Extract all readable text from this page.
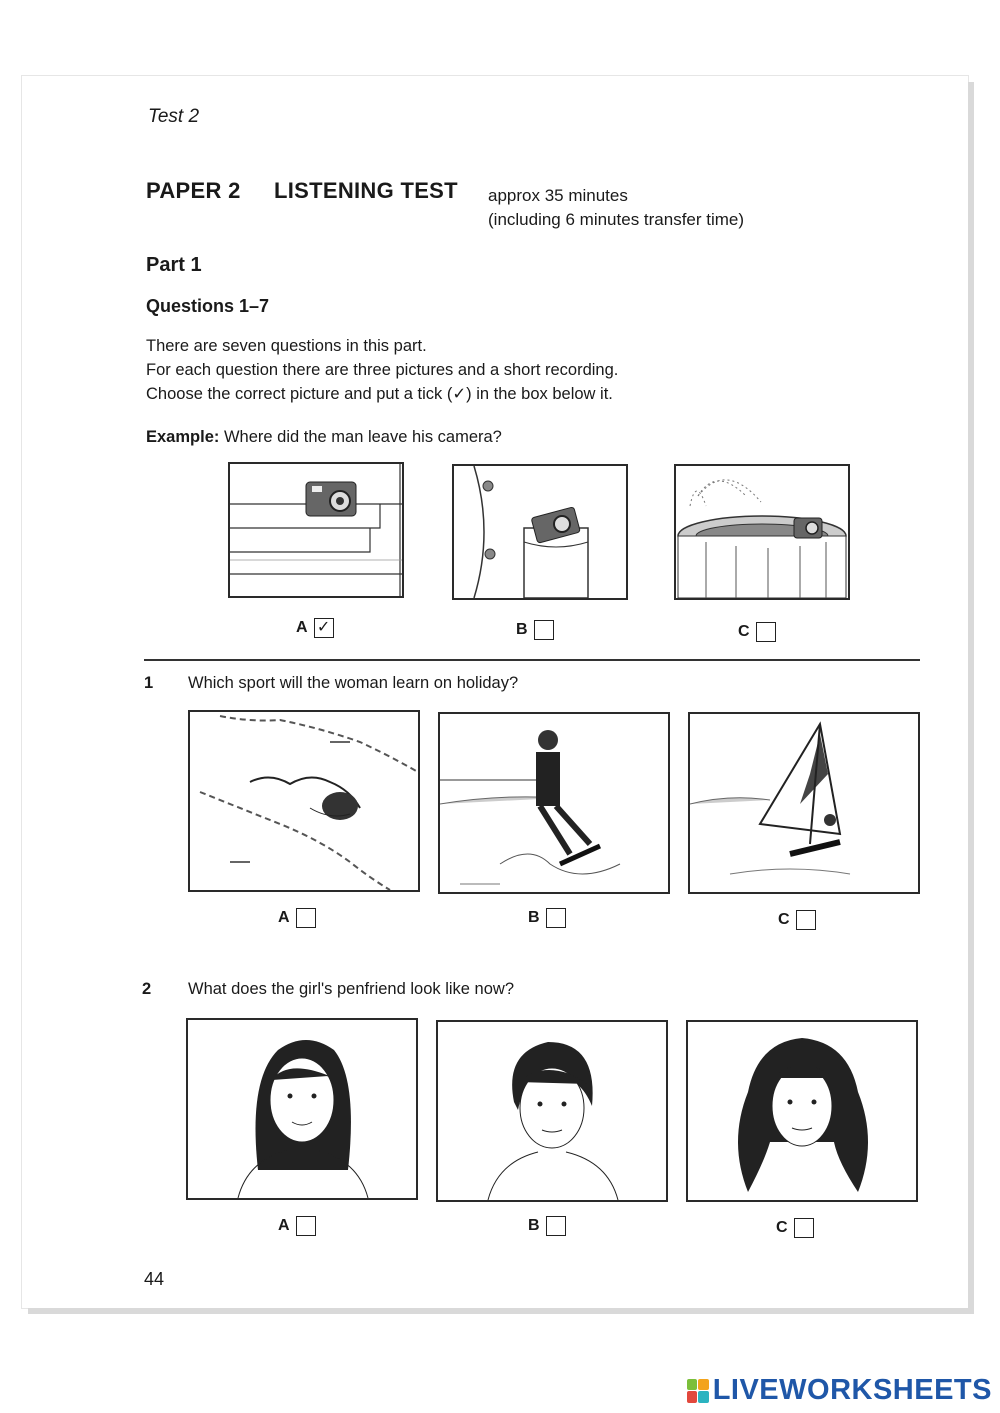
Test 2
PAPER 2 LISTENING TEST approx 35 minutes
(including 6 minutes transfer time)
Part 1
Questions 1–7
There are seven questions in this part.
For each question there are three pictures and a short recording.
Choose the correct picture and put a tick (✓) in the box below it.
Example: Where did the man leave his camera?
A ✓	B	C
1 Which sport will the woman learn on holiday?
A	B	C
2 What does the girl's penfriend look like now?
A	B	C
44
LIVEWORKSHEETS
